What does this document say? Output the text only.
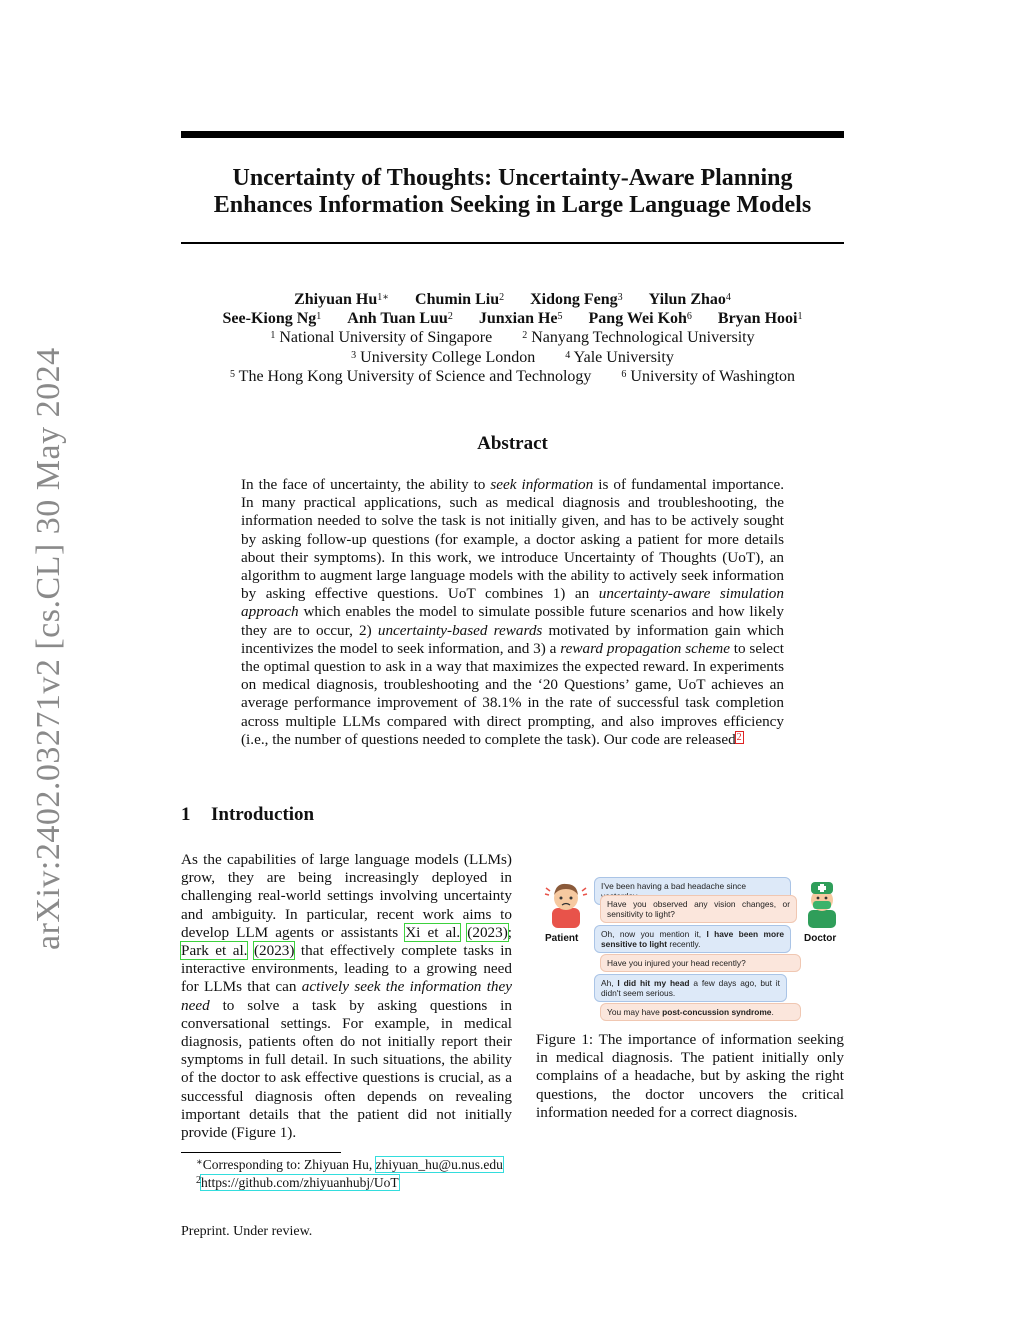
arXiv:2402.03271v2 [cs.CL] 30 May 2024
Uncertainty of Thoughts: Uncertainty-Aware Planning
Enhances Information Seeking in Large Language Models
Zhiyuan $Hu^{1∗}$ Chumin Liu$^2$ Xidong Feng$^3$ Yilun Zhao$^4$
See-Kiong Ng$^1$ Anh Tuan Luu$^2$ Junxian He$^5$ Pang Wei Koh$^6$ Bryan Hooi$^1$
$^1$ National University of Singapore	$^2$ Nanyang Technological University
$^3$ University College London	$^4$ Yale University
$^5$ The Hong Kong University of Science and Technology	$^6$ University of Washington
Abstract
In the face of uncertainty, the ability to seek information is of fundamental importance. In many practical applications, such as medical diagnosis and troubleshooting, the information needed to solve the task is not initially given, and has to be actively sought by asking follow-up questions (for example, a doctor asking a patient for more details about their symptoms). In this work, we introduce Uncertainty of Thoughts (UoT), an algorithm to augment large language models with the ability to actively seek information by asking effective questions. UoT combines 1) an uncertainty-aware simulation approach which enables the model to simulate possible future scenarios and how likely they are to occur, 2) uncertainty-based rewards motivated by information gain which incentivizes the model to seek information, and 3) a reward propagation scheme to select the optimal question to ask in a way that maximizes the expected reward. In experiments on medical diagnosis, troubleshooting and the ‘20 Questions’ game, UoT achieves an average performance improvement of 38.1% in the rate of successful task completion across multiple LLMs compared with direct prompting, and also improves efficiency (i.e., the number of questions needed to complete the task). Our code are released$^2$
1 Introduction
As the capabilities of large language models (LLMs) grow, they are being increasingly deployed in challenging real-world settings involving uncertainty and ambiguity. In particular, recent work aims to develop LLM agents or assistants Xi et al. (2023); Park et al. (2023) that effectively complete tasks in interactive environments, leading to a growing need for LLMs that can actively seek the information they need to solve a task by asking questions in conversational settings. For example, in medical diagnosis, patients often do not initially report their symptoms in full detail. In such situations, the ability of the doctor to ask effective questions is crucial, as a successful diagnosis often depends on revealing important details that the patient did not initially provide (Figure 1).
Patient	Doctor
I've been having a bad headache since
Have you observed any vision changes, or sensitivity to light?
Oh, now you mention it, I have been more sensitive to light recently.
Have you injured your head recently?
Ah, I did hit my head a few days ago, but it didn't seem serious.
You may have post-concussion syndrome.
Figure 1: The importance of information seeking in medical diagnosis. The patient initially only complains of a headache, but by asking the right questions, the doctor uncovers the critical information needed for a correct diagnosis.
∗Corresponding to: Zhiyuan Hu, zhiyuan_hu@u.nus.edu
$^2$https://github.com/zhiyuanhubj/UoT
Preprint. Under review.
